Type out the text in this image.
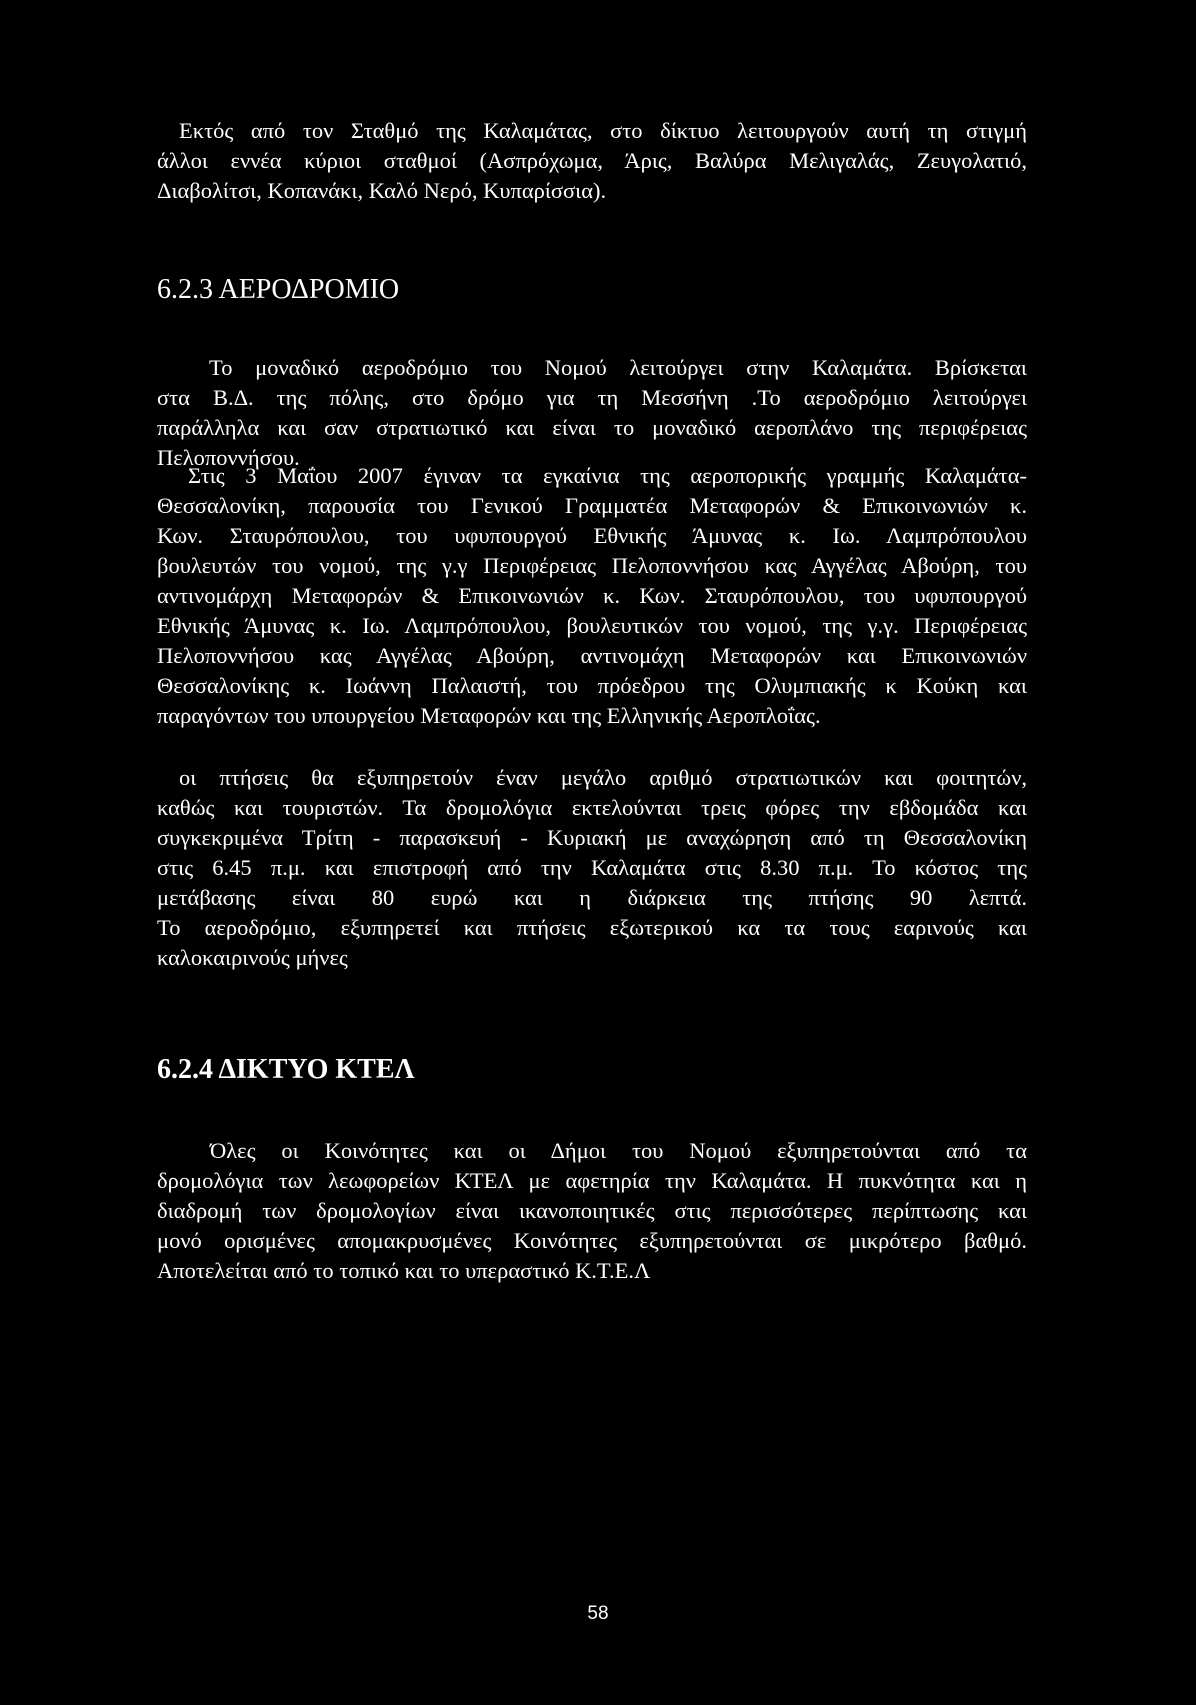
Εκτός από τον Σταθμό της Καλαμάτας, στο δίκτυο λειτουργούν αυτή τη στιγμή
άλλοι εννέα κύριοι σταθμοί (Ασπρόχωμα, Άρις, Βαλύρα Μελιγαλάς, Ζευγολατιό,
Διαβολίτσι, Κοπανάκι, Καλό Νερό, Κυπαρίσσια).
6.2.3 ΑΕΡΟΔΡΟΜΙΟ
Το μοναδικό αεροδρόμιο του Νομού λειτούργει στην Καλαμάτα. Βρίσκεται
στα Β.Δ. της πόλης, στο δρόμο για τη Μεσσήνη .Το αεροδρόμιο λειτούργει
παράλληλα και σαν στρατιωτικό και είναι το μοναδικό αεροπλάνο της περιφέρειας
Πελοποννήσου.
Στις 3 Μαΐου 2007 έγιναν τα εγκαίνια της αεροπορικής γραμμής Καλαμάτα-
Θεσσαλονίκη, παρουσία του Γενικού Γραμματέα Μεταφορών & Επικοινωνιών κ.
Κων. Σταυρόπουλου, του υφυπουργού Εθνικής Άμυνας κ. Ιω. Λαμπρόπουλου
βουλευτών του νομού, της γ.γ Περιφέρειας Πελοποννήσου κας Αγγέλας Αβούρη, του
αντινομάρχη Μεταφορών & Επικοινωνιών κ. Κων. Σταυρόπουλου, του υφυπουργού
Εθνικής Άμυνας κ. Ιω. Λαμπρόπουλου, βουλευτικών του νομού, της γ.γ. Περιφέρειας
Πελοποννήσου κας Αγγέλας Αβούρη, αντινομάχη Μεταφορών και Επικοινωνιών
Θεσσαλονίκης κ. Ιωάννη Παλαιστή, του πρόεδρου της Ολυμπιακής κ Κούκη και
παραγόντων του υπουργείου Μεταφορών και της Ελληνικής Αεροπλοΐας.
οι πτήσεις θα εξυπηρετούν έναν μεγάλο αριθμό στρατιωτικών και φοιτητών,
καθώς και τουριστών. Τα δρομολόγια εκτελούνται τρεις φόρες την εβδομάδα και
συγκεκριμένα Τρίτη - παρασκευή - Κυριακή με αναχώρηση από τη Θεσσαλονίκη
στις 6.45 π.μ. και επιστροφή από την Καλαμάτα στις 8.30 π.μ. Το κόστος της
μετάβασης είναι 80 ευρώ και η διάρκεια της πτήσης 90 λεπτά.
Το αεροδρόμιο, εξυπηρετεί και πτήσεις εξωτερικού κα τα τους εαρινούς και
καλοκαιρινούς μήνες
6.2.4 ΔΙΚΤΥΟ ΚΤΕΛ
Όλες οι Κοινότητες και οι Δήμοι του Νομού εξυπηρετούνται από τα
δρομολόγια των λεωφορείων ΚΤΕΛ με αφετηρία την Καλαμάτα. Η πυκνότητα και η
διαδρομή των δρομολογίων είναι ικανοποιητικές στις περισσότερες περίπτωσης και
μονό ορισμένες απομακρυσμένες Κοινότητες εξυπηρετούνται σε μικρότερο βαθμό.
Αποτελείται από το τοπικό και το υπεραστικό Κ.Τ.Ε.Λ
58
